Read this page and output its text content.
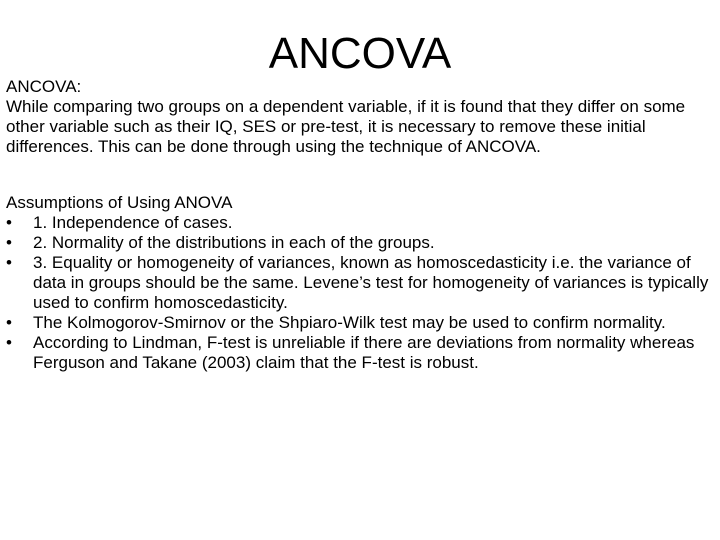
ANCOVA
ANCOVA:

While comparing two groups on a dependent variable, if it is found that they differ on some other variable such as their IQ, SES or pre-test, it is necessary to remove these initial differences. This can be done through using the technique of ANCOVA.

Assumptions of Using ANOVA
•	1. Independence of cases.
•	2. Normality of the distributions in each of the groups.
•	3. Equality or homogeneity of variances, known as homoscedasticity i.e. the variance of data in groups should be the same. Levene’s test for homogeneity of variances is typically used to confirm homoscedasticity.
•	The Kolmogorov-Smirnov or the Shpiaro-Wilk test may be used to confirm normality.
•	According to Lindman, F-test is unreliable if there are deviations from normality whereas Ferguson and Takane (2003) claim that the F-test is robust.
